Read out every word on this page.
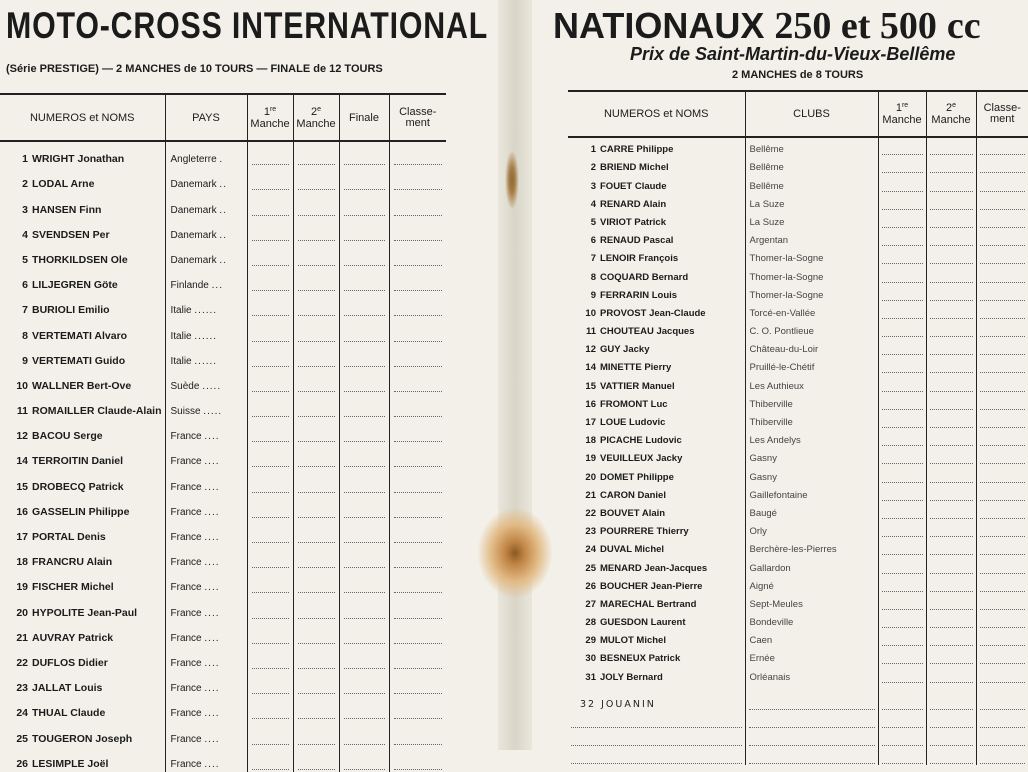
MOTO-CROSS INTERNATIONAL
(Série PRESTIGE) — 2 MANCHES de 10 TOURS — FINALE de 12 TOURS
NUMEROS et NOMS	PAYS	1re
Manche	2e
Manche	Finale	Classe-
ment
1 WRIGHT Jonathan	Angleterre .	

2 LODAL Arne	Danemark ..	

3 HANSEN Finn	Danemark ..	

4 SVENDSEN Per	Danemark ..	

5 THORKILDSEN Ole	Danemark ..	

6 LILJEGREN Göte	Finlande ...	

7 BURIOLI Emilio	Italie ......	

8 VERTEMATI Alvaro	Italie ......	

9 VERTEMATI Guido	Italie ......	

10 WALLNER Bert-Ove	Suède .....	

11 ROMAILLER Claude-Alain	Suisse .....	

12 BACOU Serge	France ....	

14 TERROITIN Daniel	France ....	

15 DROBECQ Patrick	France ....	

16 GASSELIN Philippe	France ....	

17 PORTAL Denis	France ....	

18 FRANCRU Alain	France ....	

19 FISCHER Michel	France ....	

20 HYPOLITE Jean-Paul	France ....	

21 AUVRAY Patrick	France ....	

22 DUFLOS Didier	France ....	

23 JALLAT Louis	France ....	

24 THUAL Claude	France ....	

25 TOUGERON Joseph	France ....	

26 LESIMPLE Joël	France ....	

NATIONAUX 250 et 500 cc
Prix de Saint-Martin-du-Vieux-Bellême
2 MANCHES de 8 TOURS
NUMEROS et NOMS	CLUBS	1re
Manche	2e
Manche	Classe-
ment
1 CARRE Philippe	Bellême	

2 BRIEND Michel	Bellême	

3 FOUET Claude	Bellême	

4 RENARD Alain	La Suze	

5 VIRIOT Patrick	La Suze	

6 RENAUD Pascal	Argentan	

7 LENOIR François	Thomer-la-Sogne	

8 COQUARD Bernard	Thomer-la-Sogne	

9 FERRARIN Louis	Thomer-la-Sogne	

10 PROVOST Jean-Claude	Torcé-en-Vallée	

11 CHOUTEAU Jacques	C. O. Pontlieue	

12 GUY Jacky	Château-du-Loir	

14 MINETTE Pierry	Pruillé-le-Chétif	

15 VATTIER Manuel	Les Authieux	

16 FROMONT Luc	Thiberville	

17 LOUE Ludovic	Thiberville	

18 PICACHE Ludovic	Les Andelys	

19 VEUILLEUX Jacky	Gasny	

20 DOMET Philippe	Gasny	

21 CARON Daniel	Gaillefontaine	

22 BOUVET Alain	Baugé	

23 POURRERE Thierry	Orly	

24 DUVAL Michel	Berchère-les-Pierres	

25 MENARD Jean-Jacques	Gallardon	

26 BOUCHER Jean-Pierre	Aigné	

27 MARECHAL Bertrand	Sept-Meules	

28 GUESDON Laurent	Bondeville	

29 MULOT Michel	Caen	

30 BESNEUX Patrick	Ernée	

31 JOLY Bernard	Orléanais	

32 JOUANIN	
